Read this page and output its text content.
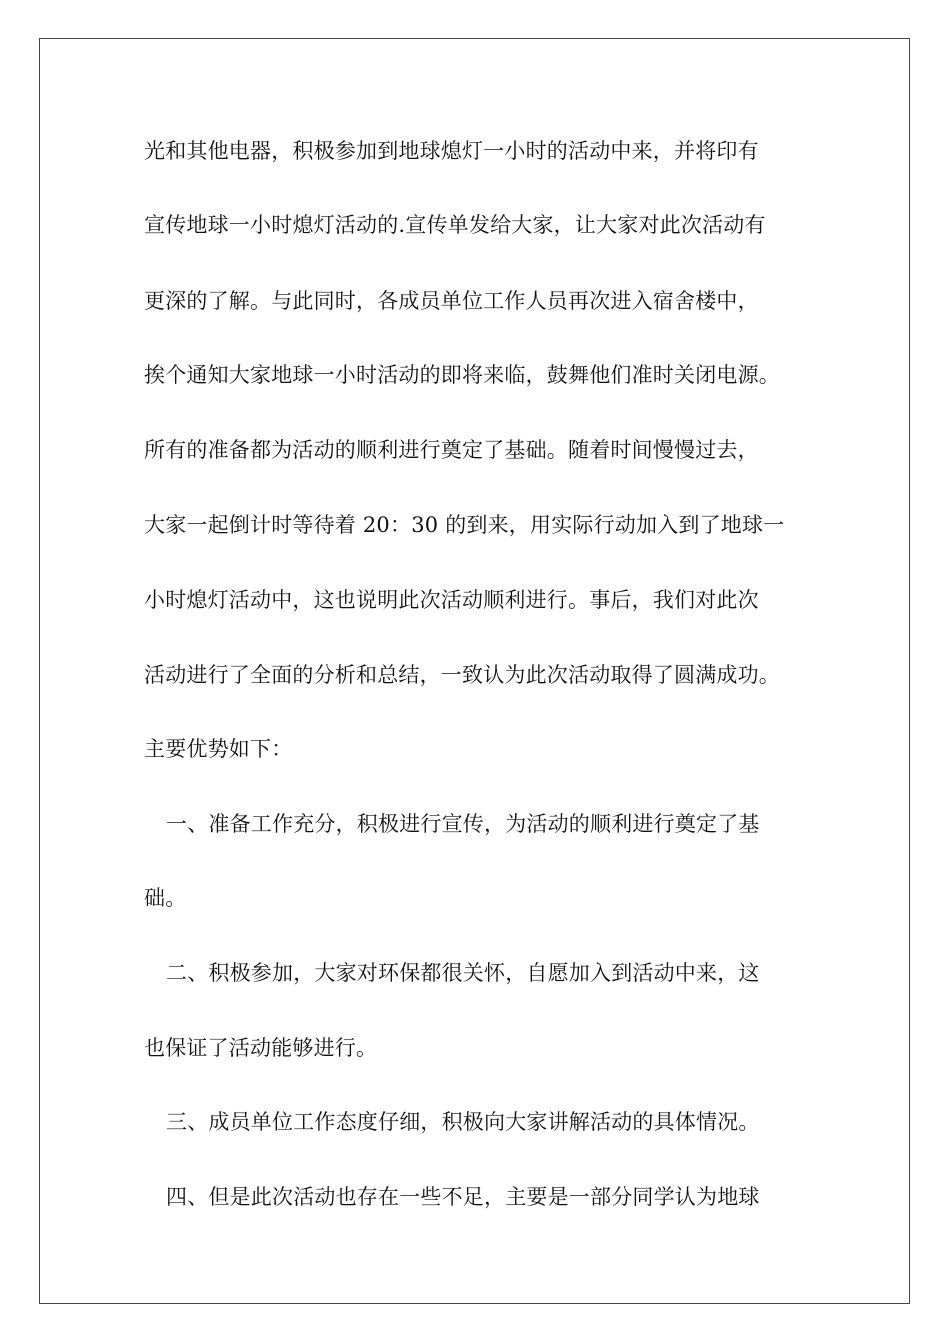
光和其他电器，积极参加到地球熄灯一小时的活动中来，并将印有
宣传地球一小时熄灯活动的.宣传单发给大家，让大家对此次活动有
更深的了解。与此同时，各成员单位工作人员再次进入宿舍楼中，
挨个通知大家地球一小时活动的即将来临，鼓舞他们准时关闭电源。
所有的准备都为活动的顺利进行奠定了基础。随着时间慢慢过去，
大家一起倒计时等待着 20：30 的到来，用实际行动加入到了地球一
小时熄灯活动中，这也说明此次活动顺利进行。事后，我们对此次
活动进行了全面的分析和总结，一致认为此次活动取得了圆满成功。
主要优势如下：
一、准备工作充分，积极进行宣传，为活动的顺利进行奠定了基
础。
二、积极参加，大家对环保都很关怀，自愿加入到活动中来，这
也保证了活动能够进行。
三、成员单位工作态度仔细，积极向大家讲解活动的具体情况。
四、但是此次活动也存在一些不足，主要是一部分同学认为地球
